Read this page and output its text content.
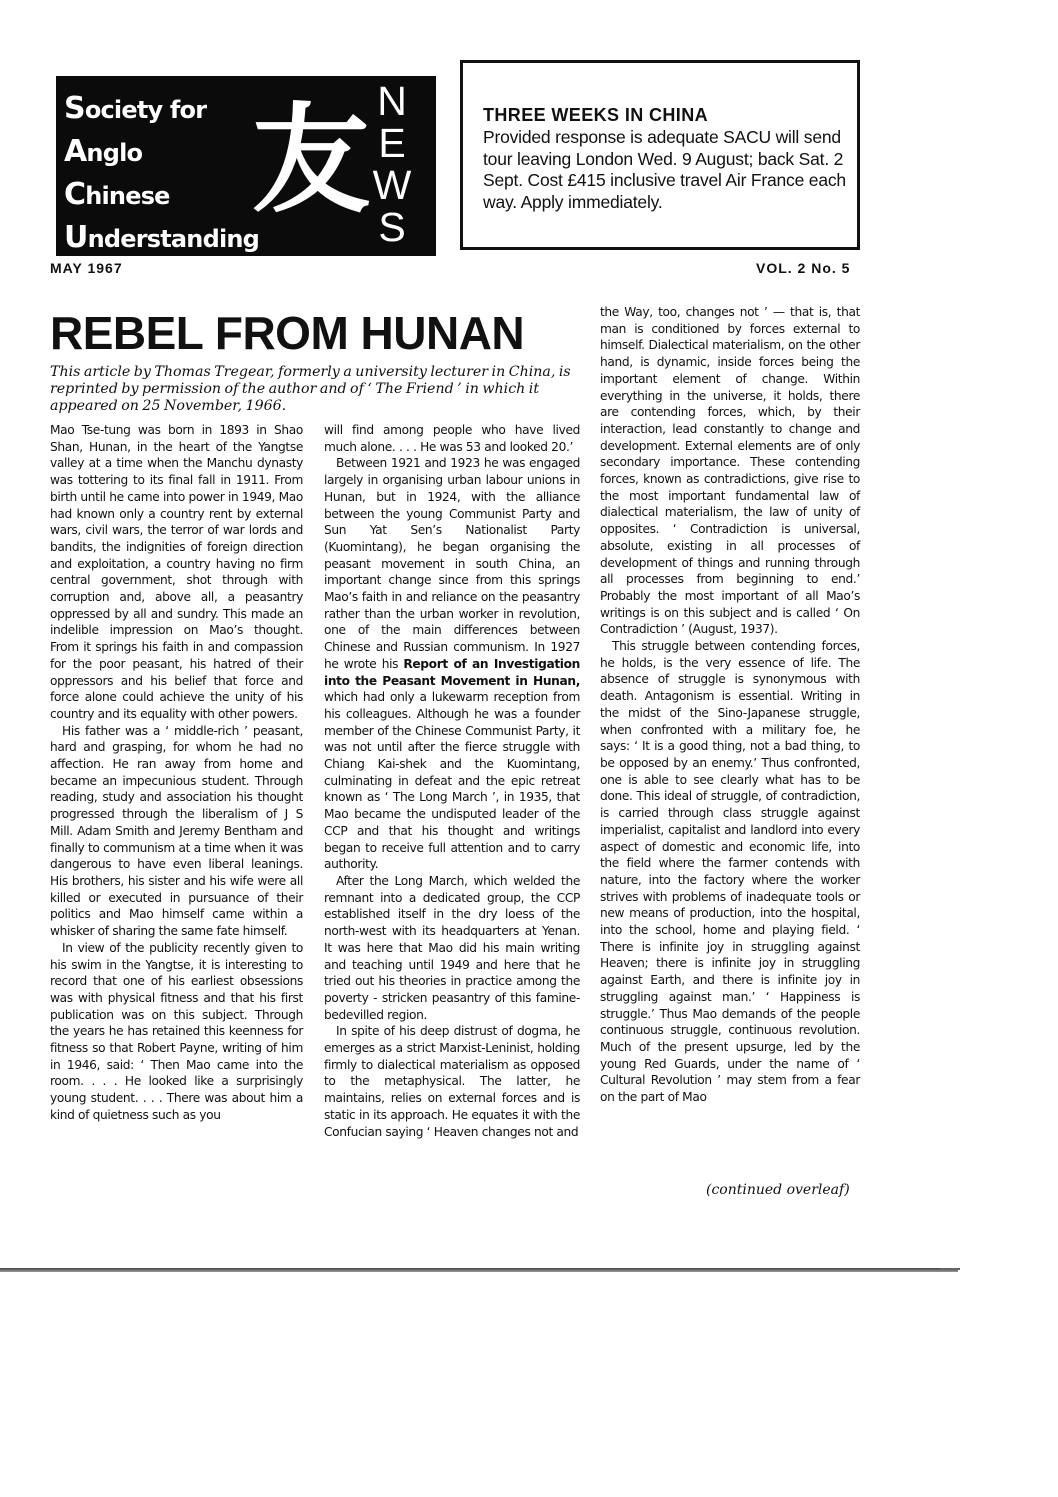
Society for
Anglo
Chinese
Understanding
友 N
E
W
S
THREE WEEKS IN CHINA
Provided response is adequate SACU will send tour leaving London Wed. 9 August; back Sat. 2 Sept. Cost £415 inclusive travel Air France each way. Apply immediately.
MAY 1967	VOL. 2 No. 5
REBEL FROM HUNAN
This article by Thomas Tregear, formerly a university lecturer in China, is reprinted by permission of the author and of ‘ The Friend ’ in which it appeared on 25 November, 1966.

Mao Tse-tung was born in 1893 in Shao Shan, Hunan, in the heart of the Yangtse valley at a time when the Manchu dynasty was tottering to its final fall in 1911. From birth until he came into power in 1949, Mao had known only a country rent by external wars, civil wars, the terror of war lords and bandits, the indignities of foreign direction and exploitation, a country having no firm central government, shot through with corruption and, above all, a peasantry oppressed by all and sundry. This made an indelible impression on Mao’s thought. From it springs his faith in and compassion for the poor peasant, his hatred of their oppressors and his belief that force and force alone could achieve the unity of his country and its equality with other powers.

His father was a ‘ middle-rich ’ peasant, hard and grasping, for whom he had no affection. He ran away from home and became an impecunious student. Through reading, study and association his thought progressed through the liberalism of J S Mill. Adam Smith and Jeremy Bentham and finally to communism at a time when it was dangerous to have even liberal leanings. His brothers, his sister and his wife were all killed or executed in pursuance of their politics and Mao himself came within a whisker of sharing the same fate himself.

In view of the publicity recently given to his swim in the Yangtse, it is interesting to record that one of his earliest obsessions was with physical fitness and that his first publication was on this subject. Through the years he has retained this keenness for fitness so that Robert Payne, writing of him in 1946, said: ‘ Then Mao came into the room. . . . He looked like a surprisingly young student. . . . There was about him a kind of quietness such as you

will find among people who have lived much alone. . . . He was 53 and looked 20.’

Between 1921 and 1923 he was engaged largely in organising urban labour unions in Hunan, but in 1924, with the alliance between the young Communist Party and Sun Yat Sen’s Nationalist Party (Kuomintang), he began organising the peasant movement in south China, an important change since from this springs Mao’s faith in and reliance on the peasantry rather than the urban worker in revolution, one of the main differences between Chinese and Russian communism. In 1927 he wrote his Report of an Investigation into the Peasant Movement in Hunan, which had only a lukewarm reception from his colleagues. Although he was a founder member of the Chinese Communist Party, it was not until after the fierce struggle with Chiang Kai-shek and the Kuomintang, culminating in defeat and the epic retreat known as ‘ The Long March ’, in 1935, that Mao became the undisputed leader of the CCP and that his thought and writings began to receive full attention and to carry authority.

After the Long March, which welded the remnant into a dedicated group, the CCP established itself in the dry loess of the north-west with its headquarters at Yenan. It was here that Mao did his main writing and teaching until 1949 and here that he tried out his theories in practice among the poverty - stricken peasantry of this famine-bedevilled region.

In spite of his deep distrust of dogma, he emerges as a strict Marxist-Leninist, holding firmly to dialectical materialism as opposed to the metaphysical. The latter, he maintains, relies on external forces and is static in its approach. He equates it with the Confucian saying ‘ Heaven changes not and

the Way, too, changes not ’ — that is, that man is conditioned by forces external to himself. Dialectical materialism, on the other hand, is dynamic, inside forces being the important element of change. Within everything in the universe, it holds, there are contending forces, which, by their interaction, lead constantly to change and development. External elements are of only secondary importance. These contending forces, known as contradictions, give rise to the most important fundamental law of dialectical materialism, the law of unity of opposites. ‘ Contradiction is universal, absolute, existing in all processes of development of things and running through all processes from beginning to end.’ Probably the most important of all Mao’s writings is on this subject and is called ‘ On Contradiction ’ (August, 1937).

This struggle between contending forces, he holds, is the very essence of life. The absence of struggle is synonymous with death. Antagonism is essential. Writing in the midst of the Sino-Japanese struggle, when confronted with a military foe, he says: ‘ It is a good thing, not a bad thing, to be opposed by an enemy.’ Thus confronted, one is able to see clearly what has to be done. This ideal of struggle, of contradiction, is carried through class struggle against imperialist, capitalist and landlord into every aspect of domestic and economic life, into the field where the farmer contends with nature, into the factory where the worker strives with problems of inadequate tools or new means of production, into the hospital, into the school, home and playing field. ‘ There is infinite joy in struggling against Heaven; there is infinite joy in struggling against Earth, and there is infinite joy in struggling against man.’ ‘ Happiness is struggle.’ Thus Mao demands of the people continuous struggle, continuous revolution. Much of the present upsurge, led by the young Red Guards, under the name of ‘ Cultural Revolution ’ may stem from a fear on the part of Mao

(continued overleaf)
